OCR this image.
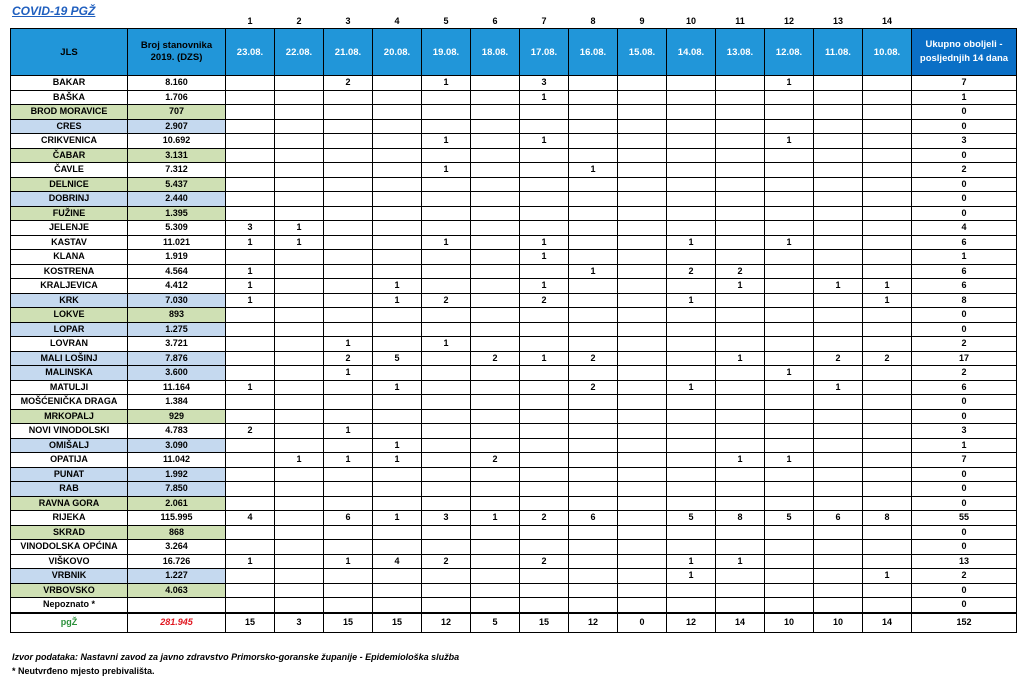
COVID-19 PGŽ
		1	2	3	4	5	6	7	8	9	10	11	12	13	14	
JLS	Broj stanovnika 2019. (DZS)	23.08.	22.08.	21.08.	20.08.	19.08.	18.08.	17.08.	16.08.	15.08.	14.08.	13.08.	12.08.	11.08.	10.08.	Ukupno oboljeli - posljednjih 14 dana
BAKAR	8.160			2		1		3					1			7
BAŠKA	1.706							1								1
BROD MORAVICE	707															0
CRES	2.907															0
CRIKVENICA	10.692					1		1					1			3
ČABAR	3.131															0
ČAVLE	7.312					1			1							2
DELNICE	5.437															0
DOBRINJ	2.440															0
FUŽINE	1.395															0
JELENJE	5.309	3	1													4
KASTAV	11.021	1	1			1		1			1		1			6
KLANA	1.919							1								1
KOSTRENA	4.564	1							1		2	2				6
KRALJEVICA	4.412	1			1			1				1		1	1	6
KRK	7.030	1			1	2		2			1				1	8
LOKVE	893															0
LOPAR	1.275															0
LOVRAN	3.721			1		1										2
MALI LOŠINJ	7.876			2	5		2	1	2			1		2	2	17
MALINSKA	3.600			1									1			2
MATULJI	11.164	1			1				2		1			1		6
MOŠĆENIČKA DRAGA	1.384															0
MRKOPALJ	929															0
NOVI VINODOLSKI	4.783	2		1												3
OMIŠALJ	3.090				1											1
OPATIJA	11.042		1	1	1		2					1	1			7
PUNAT	1.992															0
RAB	7.850															0
RAVNA GORA	2.061															0
RIJEKA	115.995	4		6	1	3	1	2	6		5	8	5	6	8	55
SKRAD	868															0
VINODOLSKA OPĆINA	3.264															0
VIŠKOVO	16.726	1		1	4	2		2			1	1				13
VRBNIK	1.227										1				1	2
VRBOVSKO	4.063															0
Nepoznato *																0
pgŽ	281.945	15	3	15	15	12	5	15	12	0	12	14	10	10	14	152
Izvor podataka: Nastavni zavod za javno zdravstvo Primorsko-goranske županije - Epidemiološka služba
* Neutvrđeno mjesto prebivališta.
